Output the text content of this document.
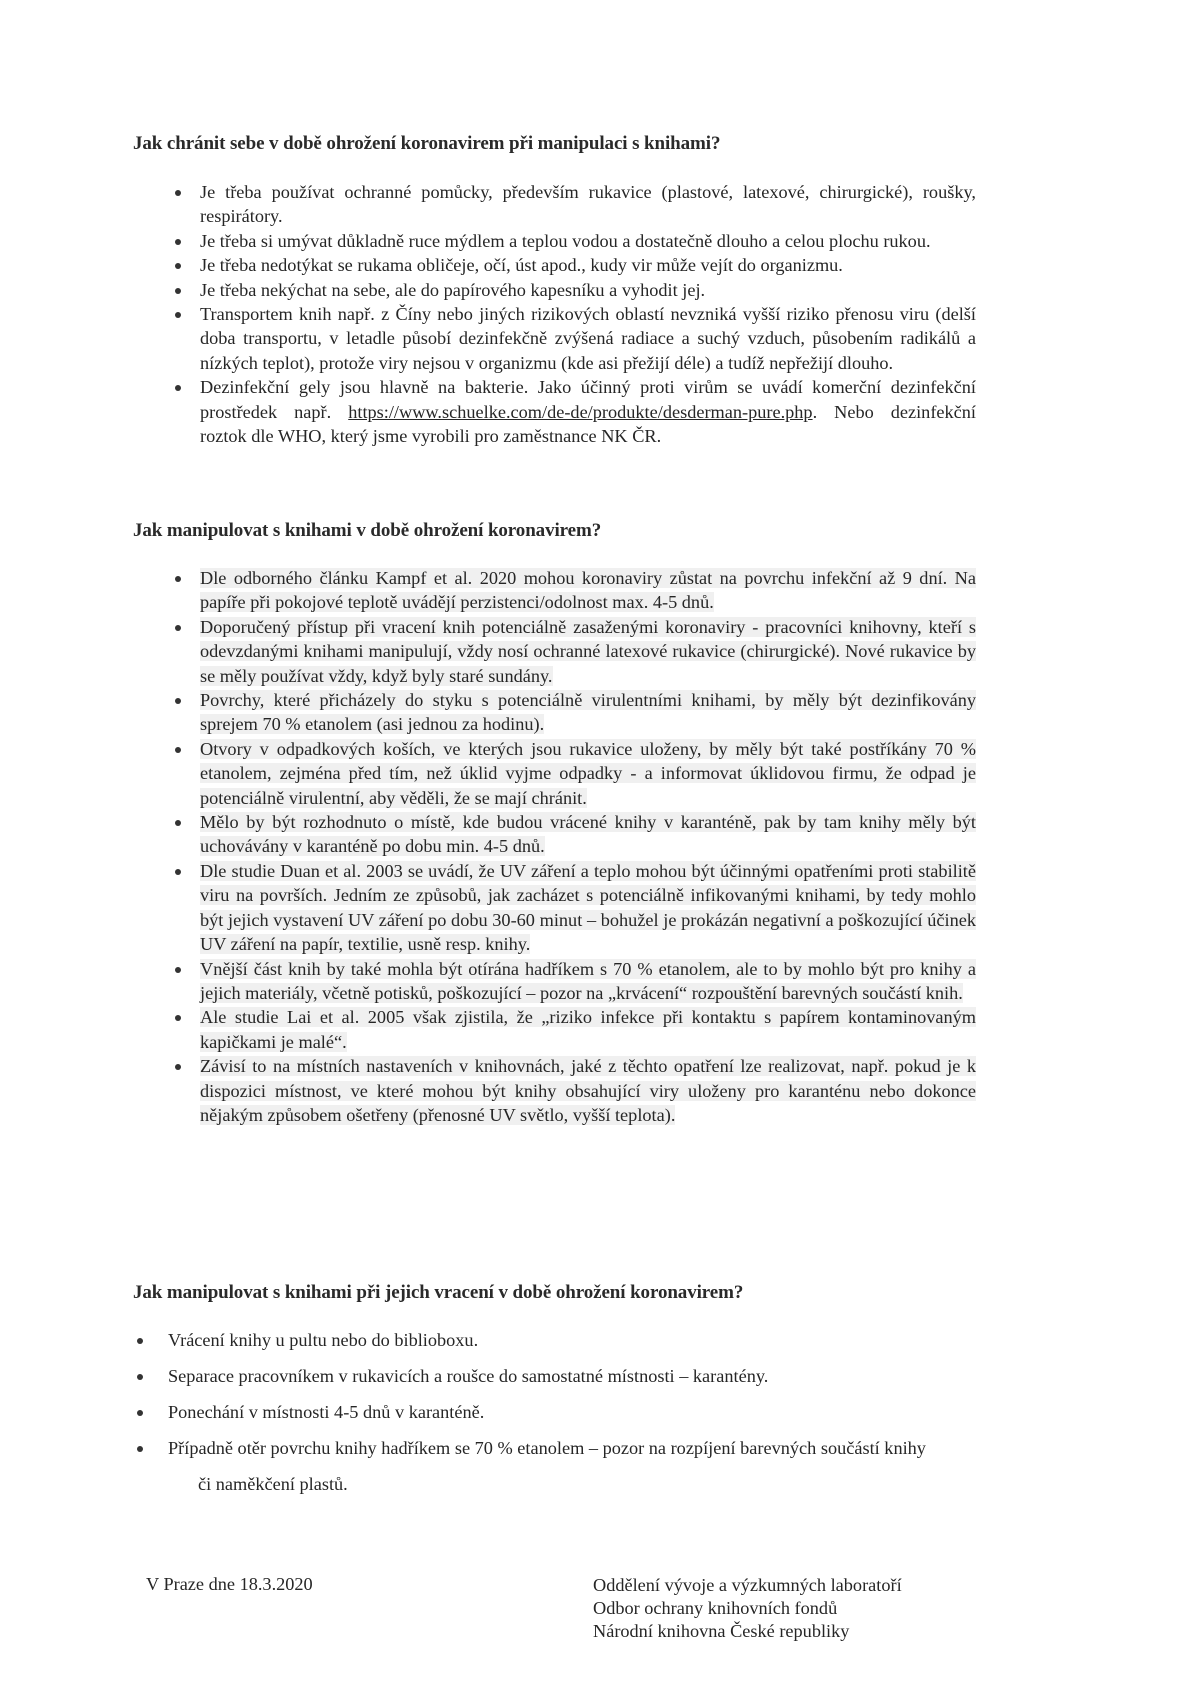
Jak chránit sebe v době ohrožení koronavirem při manipulaci s knihami?
Je třeba používat ochranné pomůcky, především rukavice (plastové, latexové, chirurgické), roušky, respirátory.
Je třeba si umývat důkladně ruce mýdlem a teplou vodou a dostatečně dlouho a celou plochu rukou.
Je třeba nedotýkat se rukama obličeje, očí, úst apod., kudy vir může vejít do organizmu.
Je třeba nekýchat na sebe, ale do papírového kapesníku a vyhodit jej.
Transportem knih např. z Číny nebo jiných rizikových oblastí nevzniká vyšší riziko přenosu viru (delší doba transportu, v letadle působí dezinfekčně zvýšená radiace a suchý vzduch, působením radikálů a nízkých teplot), protože viry nejsou v organizmu (kde asi přežijí déle) a tudíž nepřežijí dlouho.
Dezinfekční gely jsou hlavně na bakterie. Jako účinný proti virům se uvádí komerční dezinfekční prostředek např. https://www.schuelke.com/de-de/produkte/desderman-pure.php. Nebo dezinfekční roztok dle WHO, který jsme vyrobili pro zaměstnance NK ČR.
Jak manipulovat s knihami v době ohrožení koronavirem?
Dle odborného článku Kampf et al. 2020 mohou koronaviry zůstat na povrchu infekční až 9 dní. Na papíře při pokojové teplotě uvádějí perzistenci/odolnost max. 4-5 dnů.
Doporučený přístup při vracení knih potenciálně zasaženými koronaviry - pracovníci knihovny, kteří s odevzdanými knihami manipulují, vždy nosí ochranné latexové rukavice (chirurgické). Nové rukavice by se měly používat vždy, když byly staré sundány.
Povrchy, které přicházely do styku s potenciálně virulentními knihami, by měly být dezinfikovány sprejem 70 % etanolem (asi jednou za hodinu).
Otvory v odpadkových koších, ve kterých jsou rukavice uloženy, by měly být také postříkány 70 % etanolem, zejména před tím, než úklid vyjme odpadky - a informovat úklidovou firmu, že odpad je potenciálně virulentní, aby věděli, že se mají chránit.
Mělo by být rozhodnuto o místě, kde budou vrácené knihy v karanténě, pak by tam knihy měly být uchovávány v karanténě po dobu min. 4-5 dnů.
Dle studie Duan et al. 2003 se uvádí, že UV záření a teplo mohou být účinnými opatřeními proti stabilitě viru na površích. Jedním ze způsobů, jak zacházet s potenciálně infikovanými knihami, by tedy mohlo být jejich vystavení UV záření po dobu 30-60 minut – bohužel je prokázán negativní a poškozující účinek UV záření na papír, textilie, usně resp. knihy.
Vnější část knih by také mohla být otírána hadříkem s 70 % etanolem, ale to by mohlo být pro knihy a jejich materiály, včetně potisků, poškozující – pozor na „krvácení“ rozpouštění barevných součástí knih.
Ale studie Lai et al. 2005 však zjistila, že „riziko infekce při kontaktu s papírem kontaminovaným kapičkami je malé“.
Závisí to na místních nastaveních v knihovnách, jaké z těchto opatření lze realizovat, např. pokud je k dispozici místnost, ve které mohou být knihy obsahující viry uloženy pro karanténu nebo dokonce nějakým způsobem ošetřeny (přenosné UV světlo, vyšší teplota).
Jak manipulovat s knihami při jejich vracení v době ohrožení koronavirem?
Vrácení knihy u pultu nebo do biblioboxu.
Separace pracovníkem v rukavicích a roušce do samostatné místnosti – karantény.
Ponechání v místnosti 4-5 dnů v karanténě.
Případně otěr povrchu knihy hadříkem se 70 % etanolem – pozor na rozpíjení barevných součástí knihy
či naměkčení plastů.
V Praze dne 18.3.2020	Oddělení vývoje a výzkumných laboratoří
Odbor ochrany knihovních fondů
Národní knihovna České republiky
